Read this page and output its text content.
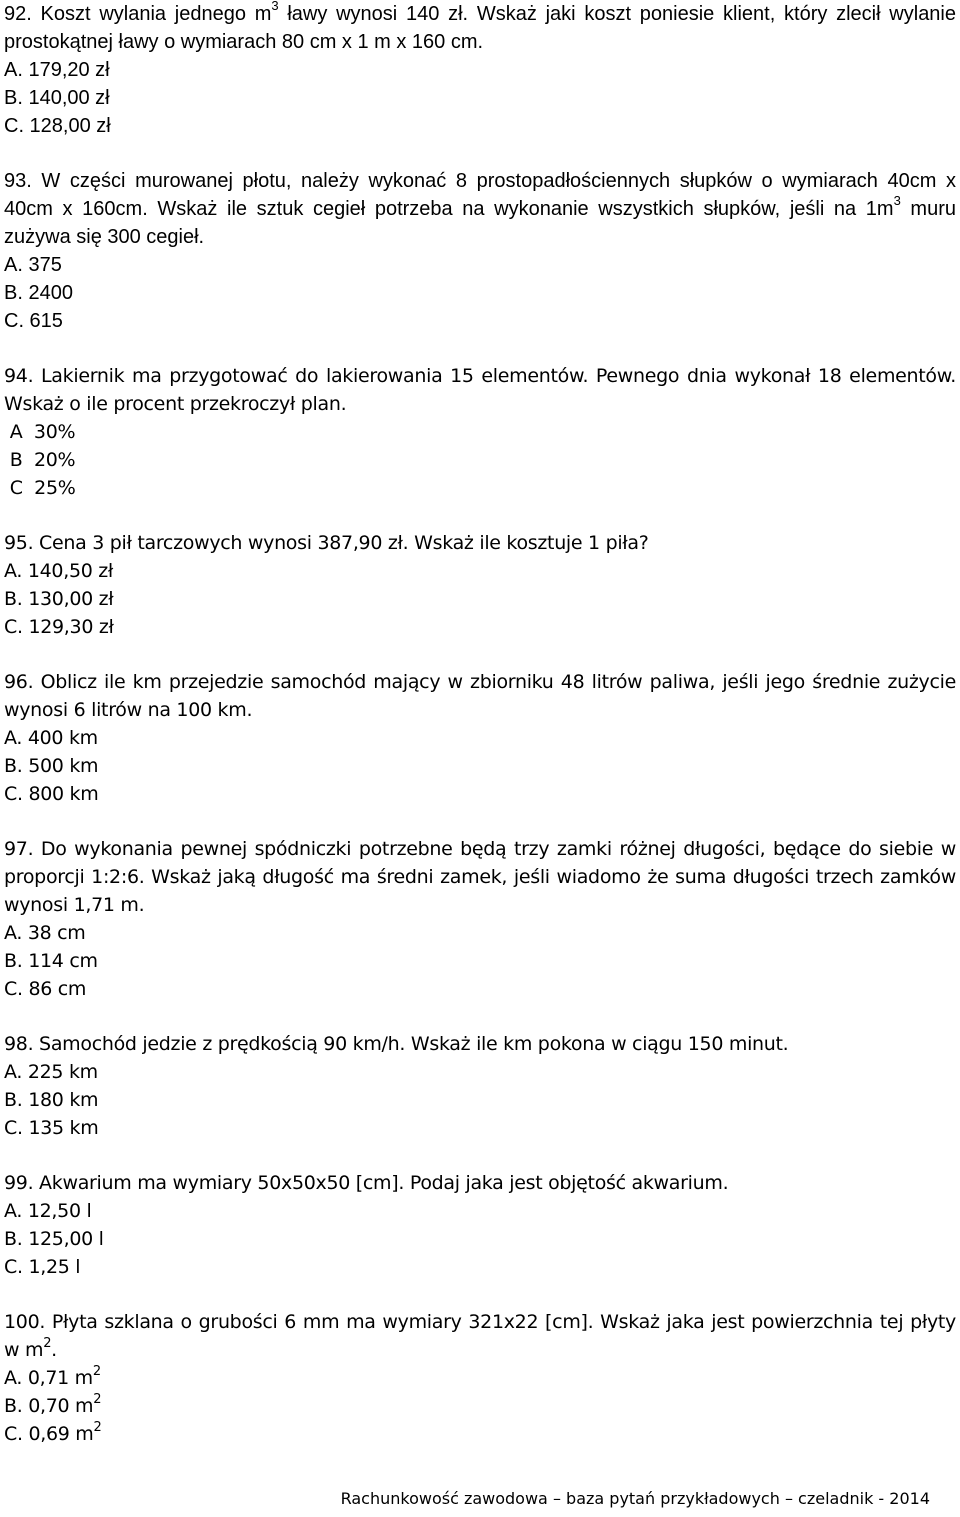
92. Koszt wylania jednego $m^3$ ławy wynosi 140 zł. Wskaż jaki koszt poniesie klient, który zlecił wylanie prostokątnej ławy o wymiarach 80 cm x 1 m x 160 cm.

A. 179,20 zł

B. 140,00 zł

C. 128,00 zł

93. W części murowanej płotu, należy wykonać 8 prostopadłościennych słupków o wymiarach 40cm x 40cm x 160cm. Wskaż ile sztuk cegieł potrzeba na wykonanie wszystkich słupków, jeśli na $1m^3$ muru zużywa się 300 cegieł.

A. 375

B. 2400

C. 615

94. Lakiernik ma przygotować do lakierowania 15 elementów. Pewnego dnia wykonał 18 elementów. Wskaż o ile procent przekroczył plan.

A  30%

B  20%

C  25%

95. Cena 3 pił tarczowych wynosi 387,90 zł. Wskaż ile kosztuje 1 piła?

A. 140,50 zł

B. 130,00 zł

C. 129,30 zł

96. Oblicz ile km przejedzie samochód mający w zbiorniku 48 litrów paliwa, jeśli jego średnie zużycie wynosi 6 litrów na 100 km.

A. 400 km

B. 500 km

C. 800 km

97. Do wykonania pewnej spódniczki potrzebne będą trzy zamki różnej długości, będące do siebie w proporcji 1:2:6. Wskaż jaką długość ma średni zamek, jeśli wiadomo że suma długości trzech zamków wynosi 1,71 m.

A. 38 cm

B. 114 cm

C. 86 cm

98. Samochód jedzie z prędkością 90 km/h. Wskaż ile km pokona w ciągu 150 minut.

A. 225 km

B. 180 km

C. 135 km

99. Akwarium ma wymiary 50x50x50 [cm]. Podaj jaka jest objętość akwarium.

A. 12,50 l

B. 125,00 l

C. 1,25 l

100. Płyta szklana o grubości 6 mm ma wymiary 321x22 [cm]. Wskaż jaka jest powierzchnia tej płyty w $m^2$.

A. 0,71 $m^2$

B. 0,70 $m^2$

C. 0,69 $m^2$

Rachunkowość zawodowa – baza pytań przykładowych – czeladnik - 2014
